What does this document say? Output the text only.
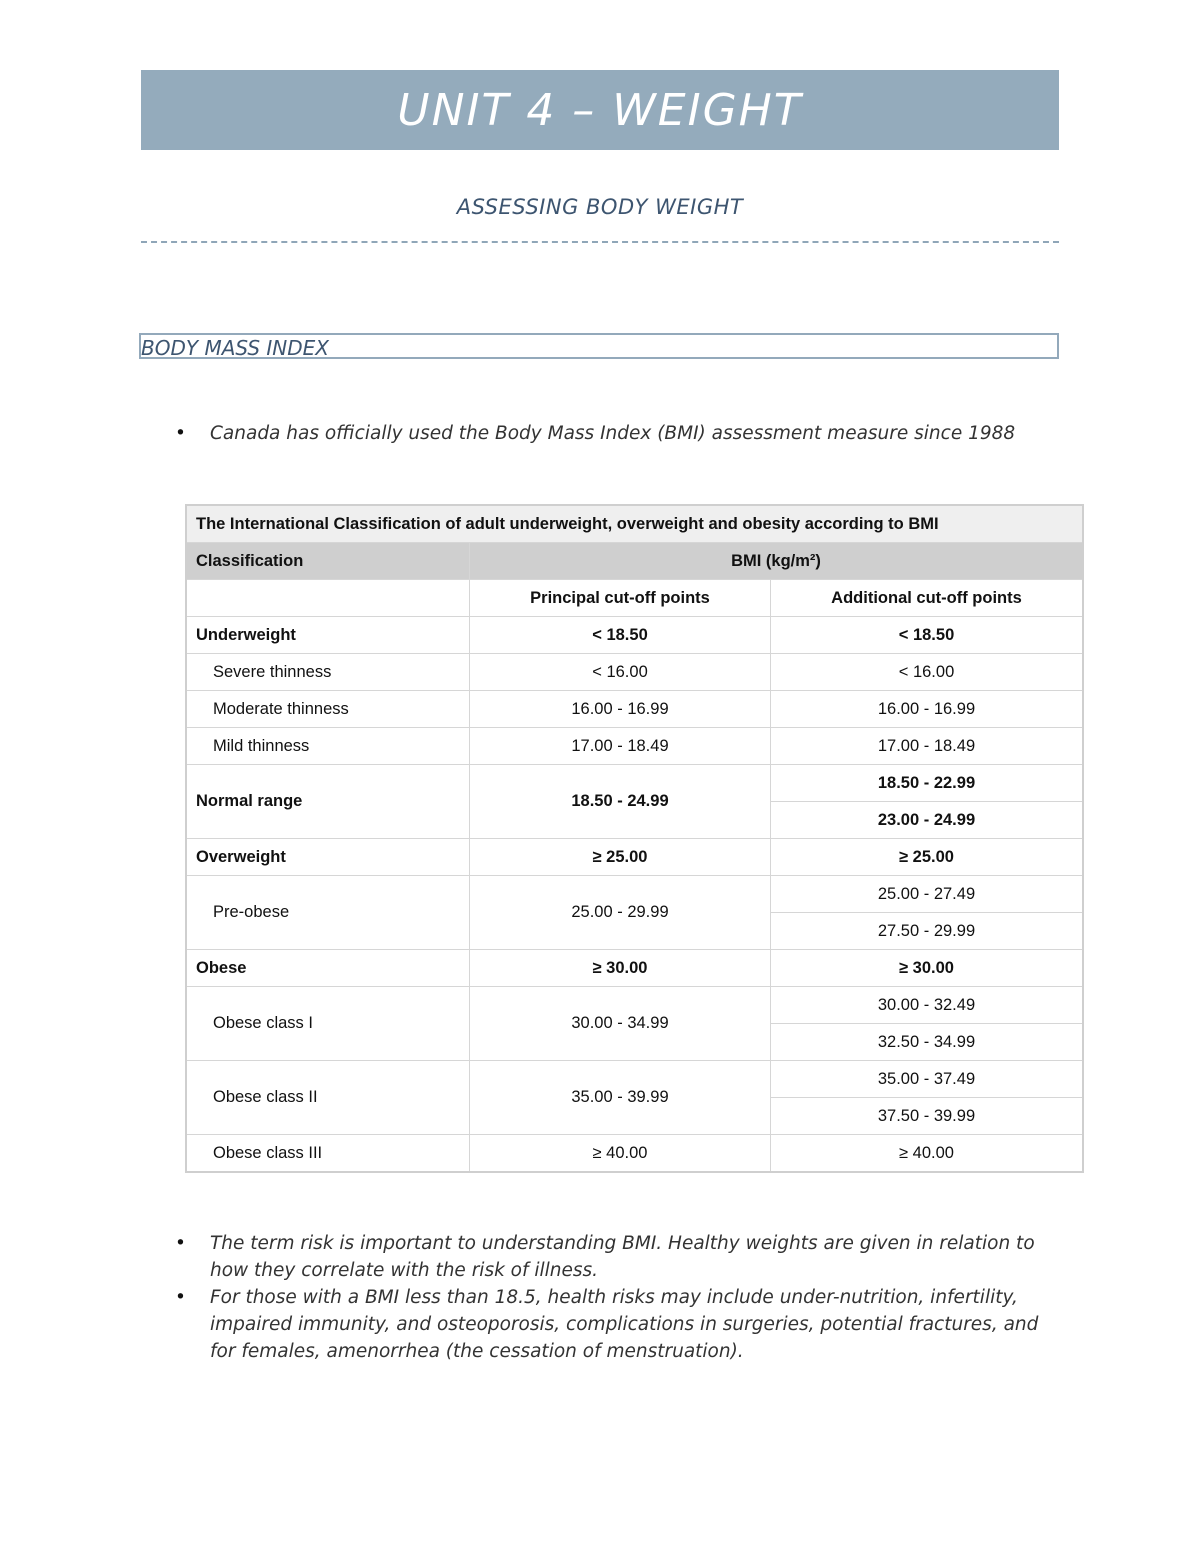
UNIT 4 – WEIGHT
ASSESSING BODY WEIGHT
BODY MASS INDEX
• Canada has officially used the Body Mass Index (BMI) assessment measure since 1988
The International Classification of adult underweight, overweight and obesity according to BMI		
Classification	BMI (kg/m²)	
	Principal cut-off points	Additional cut-off points
Underweight	< 18.50	< 18.50
Severe thinness	< 16.00	< 16.00
Moderate thinness	16.00 - 16.99	16.00 - 16.99
Mild thinness	17.00 - 18.49	17.00 - 18.49
Normal range	18.50 - 24.99	18.50 - 22.99
		23.00 - 24.99
Overweight	≥ 25.00	≥ 25.00
Pre-obese	25.00 - 29.99	25.00 - 27.49
		27.50 - 29.99
Obese	≥ 30.00	≥ 30.00
Obese class I	30.00 - 34.99	30.00 - 32.49
		32.50 - 34.99
Obese class II	35.00 - 39.99	35.00 - 37.49
		37.50 - 39.99
Obese class III	≥ 40.00	≥ 40.00
• The term risk is important to understanding BMI. Healthy weights are given in relation to how they correlate with the risk of illness.
• For those with a BMI less than 18.5, health risks may include under-nutrition, infertility, impaired immunity, and osteoporosis, complications in surgeries, potential fractures, and for females, amenorrhea (the cessation of menstruation).
